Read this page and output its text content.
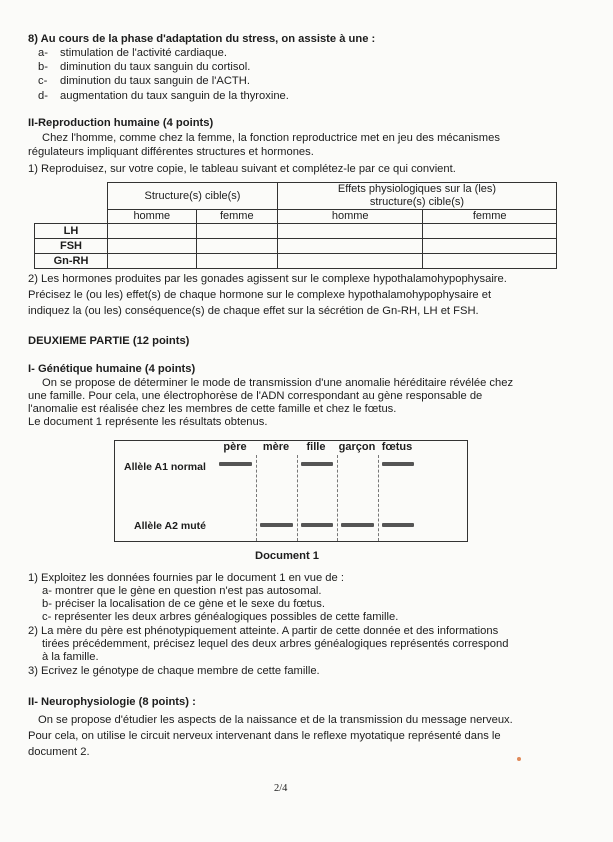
8) Au cours de la phase d'adaptation du stress, on assiste à une :
a-	stimulation de l'activité cardiaque.
b-	diminution du taux sanguin du cortisol.
c-	diminution du taux sanguin de l'ACTH.
d-	augmentation du taux sanguin de la thyroxine.
II-Reproduction humaine (4 points)
Chez l'homme, comme chez la femme, la fonction reproductrice met en jeu des mécanismes
régulateurs impliquant différentes structures et hormones.
1) Reproduisez, sur votre copie, le tableau suivant et complétez-le par ce qui convient.
	Structure(s) cible(s)		Effets physiologiques sur la (les)
structure(s) cible(s)	

	homme	femme	homme	femme
LH				
FSH				
Gn-RH				
2) Les hormones produites par les gonades agissent sur le complexe hypothalamohypophysaire.
Précisez le (ou les) effet(s) de chaque hormone sur le complexe hypothalamohypophysaire et
indiquez la (ou les) conséquence(s) de chaque effet sur la sécrétion de Gn-RH, LH et FSH.
DEUXIEME PARTIE (12 points)
I- Génétique humaine (4 points)
On se propose de déterminer le mode de transmission d'une anomalie héréditaire révélée chez
une famille. Pour cela, une électrophorèse de l'ADN correspondant au gène responsable de
l'anomalie est réalisée chez les membres de cette famille et chez le fœtus.
Le document 1 représente les résultats obtenus.
père	mère	fille	garçon fœtus
Allèle A1 normal
Allèle A2 muté
Document 1
1) Exploitez les données fournies par le document 1 en vue de :
a- montrer que le gène en question n'est pas autosomal.
b- préciser la localisation de ce gène et le sexe du fœtus.
c- représenter les deux arbres généalogiques possibles de cette famille.
2) La mère du père est phénotypiquement atteinte. A partir de cette donnée et des informations
tirées précédemment, précisez lequel des deux arbres généalogiques représentés correspond
à la famille.
3) Ecrivez le génotype de chaque membre de cette famille.
II- Neurophysiologie (8 points) :
On se propose d'étudier les aspects de la naissance et de la transmission du message nerveux.
Pour cela, on utilise le circuit nerveux intervenant dans le reflexe myotatique représenté dans le
document 2.
2/4
